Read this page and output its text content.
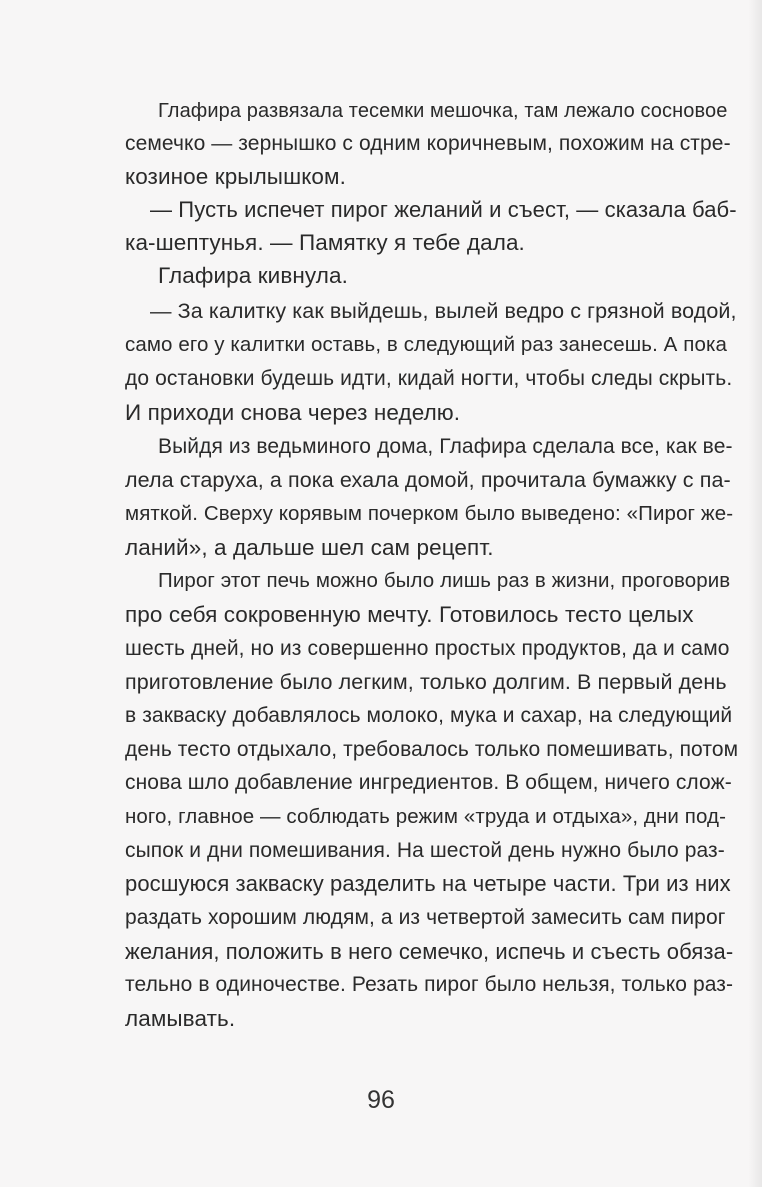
Глафира развязала тесемки мешочка, там лежало сосновое
семечко — зернышко с одним коричневым, похожим на стре-
козиное крылышком.
— Пусть испечет пирог желаний и съест, — сказала баб-
ка-шептунья. — Памятку я тебе дала.
Глафира кивнула.
— За калитку как выйдешь, вылей ведро с грязной водой,
само его у калитки оставь, в следующий раз занесешь. А пока
до остановки будешь идти, кидай ногти, чтобы следы скрыть.
И приходи снова через неделю.
Выйдя из ведьминого дома, Глафира сделала все, как ве-
лела старуха, а пока ехала домой, прочитала бумажку с па-
мяткой. Сверху корявым почерком было выведено: «Пирог же-
ланий», а дальше шел сам рецепт.
Пирог этот печь можно было лишь раз в жизни, проговорив
про себя сокровенную мечту. Готовилось тесто целых
шесть дней, но из совершенно простых продуктов, да и само
приготовление было легким, только долгим. В первый день
в закваску добавлялось молоко, мука и сахар, на следующий
день тесто отдыхало, требовалось только помешивать, потом
снова шло добавление ингредиентов. В общем, ничего слож-
ного, главное — соблюдать режим «труда и отдыха», дни под-
сыпок и дни помешивания. На шестой день нужно было раз-
росшуюся закваску разделить на четыре части. Три из них
раздать хорошим людям, а из четвертой замесить сам пирог
желания, положить в него семечко, испечь и съесть обяза-
тельно в одиночестве. Резать пирог было нельзя, только раз-
ламывать.
96
